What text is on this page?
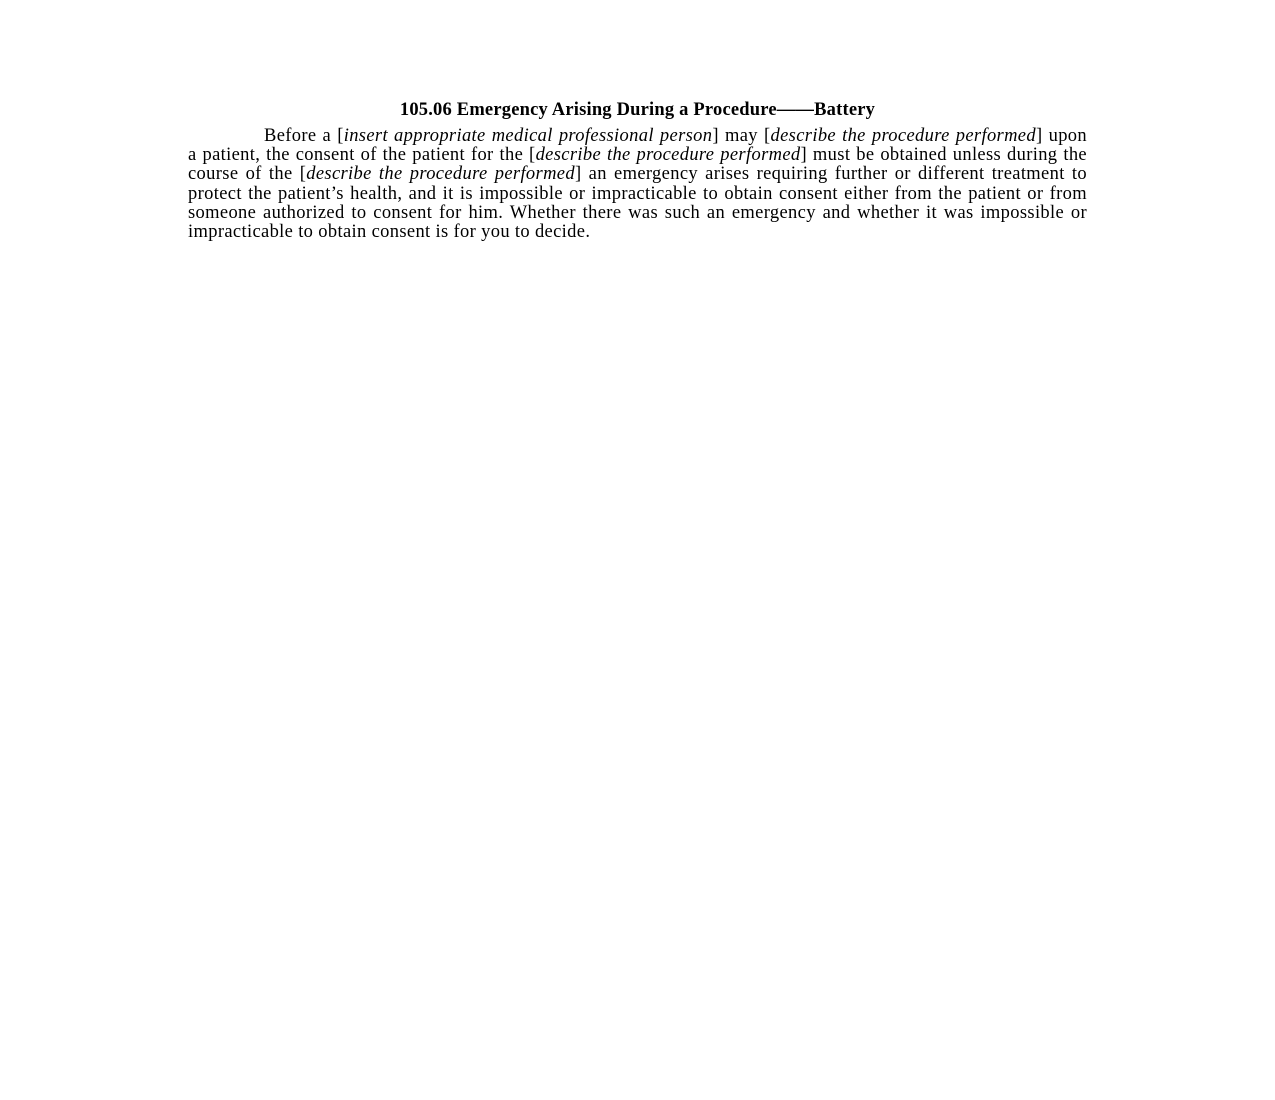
105.06 Emergency Arising During a Procedure——Battery

Before a [insert appropriate medical professional person] may [describe the procedure performed] upon a patient, the consent of the patient for the [describe the procedure performed] must be obtained unless during the course of the [describe the procedure performed] an emergency arises requiring further or different treatment to protect the patient’s health, and it is impossible or impracticable to obtain consent either from the patient or from someone authorized to consent for him. Whether there was such an emergency and whether it was impossible or impracticable to obtain consent is for you to decide.
